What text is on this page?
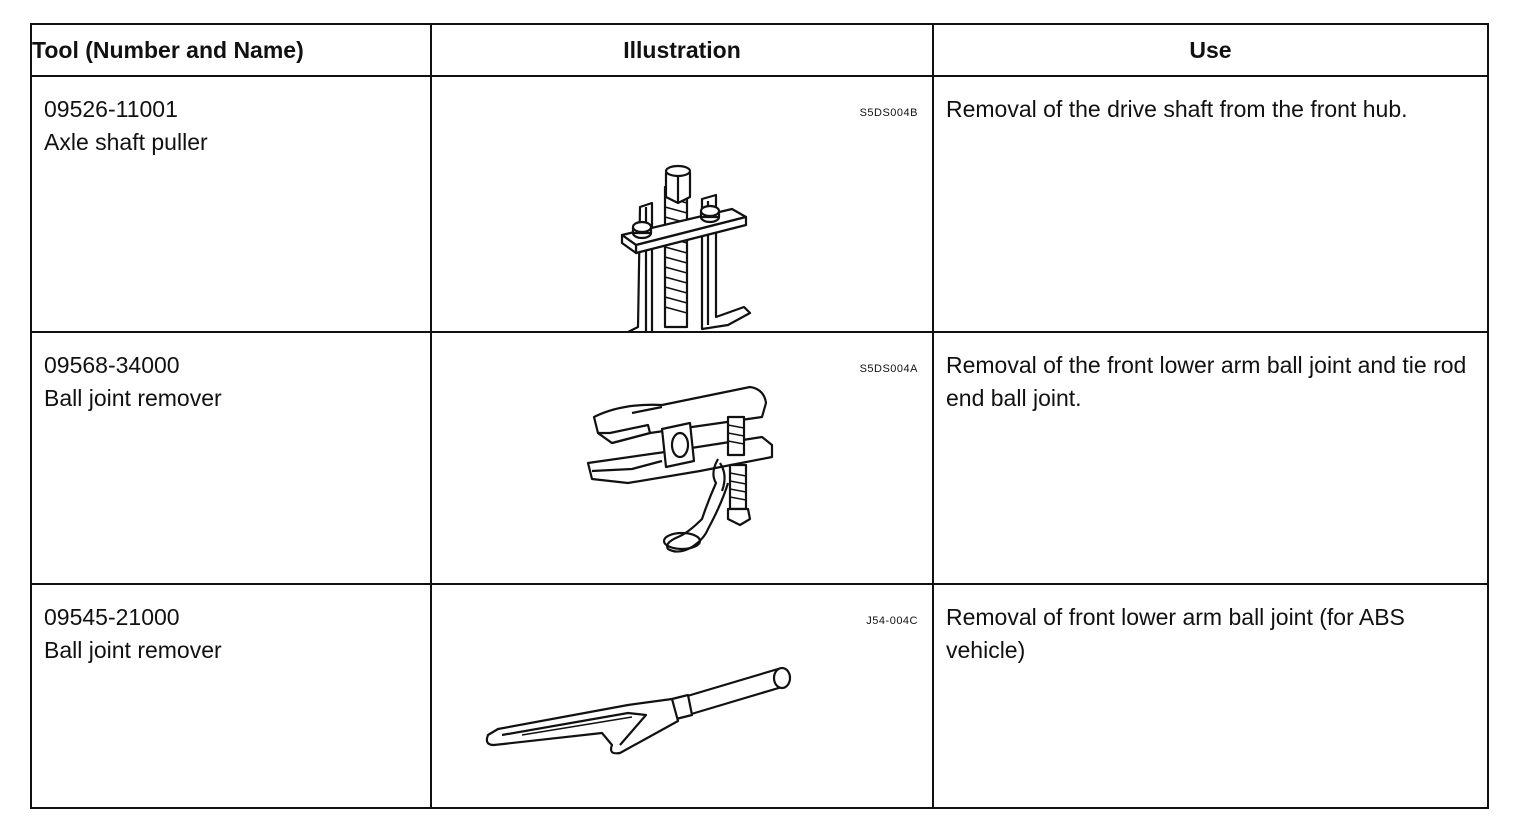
Tool (Number and Name)	Illustration	Use

09526-11001
Axle shaft puller	S5DS004B	Removal of the drive shaft from the front hub.

09568-34000
Ball joint remover	S5DS004A	Removal of the front lower arm ball joint and tie rod end ball joint.

09545-21000
Ball joint remover	J54-004C	Removal of front lower arm ball joint (for ABS vehicle)
